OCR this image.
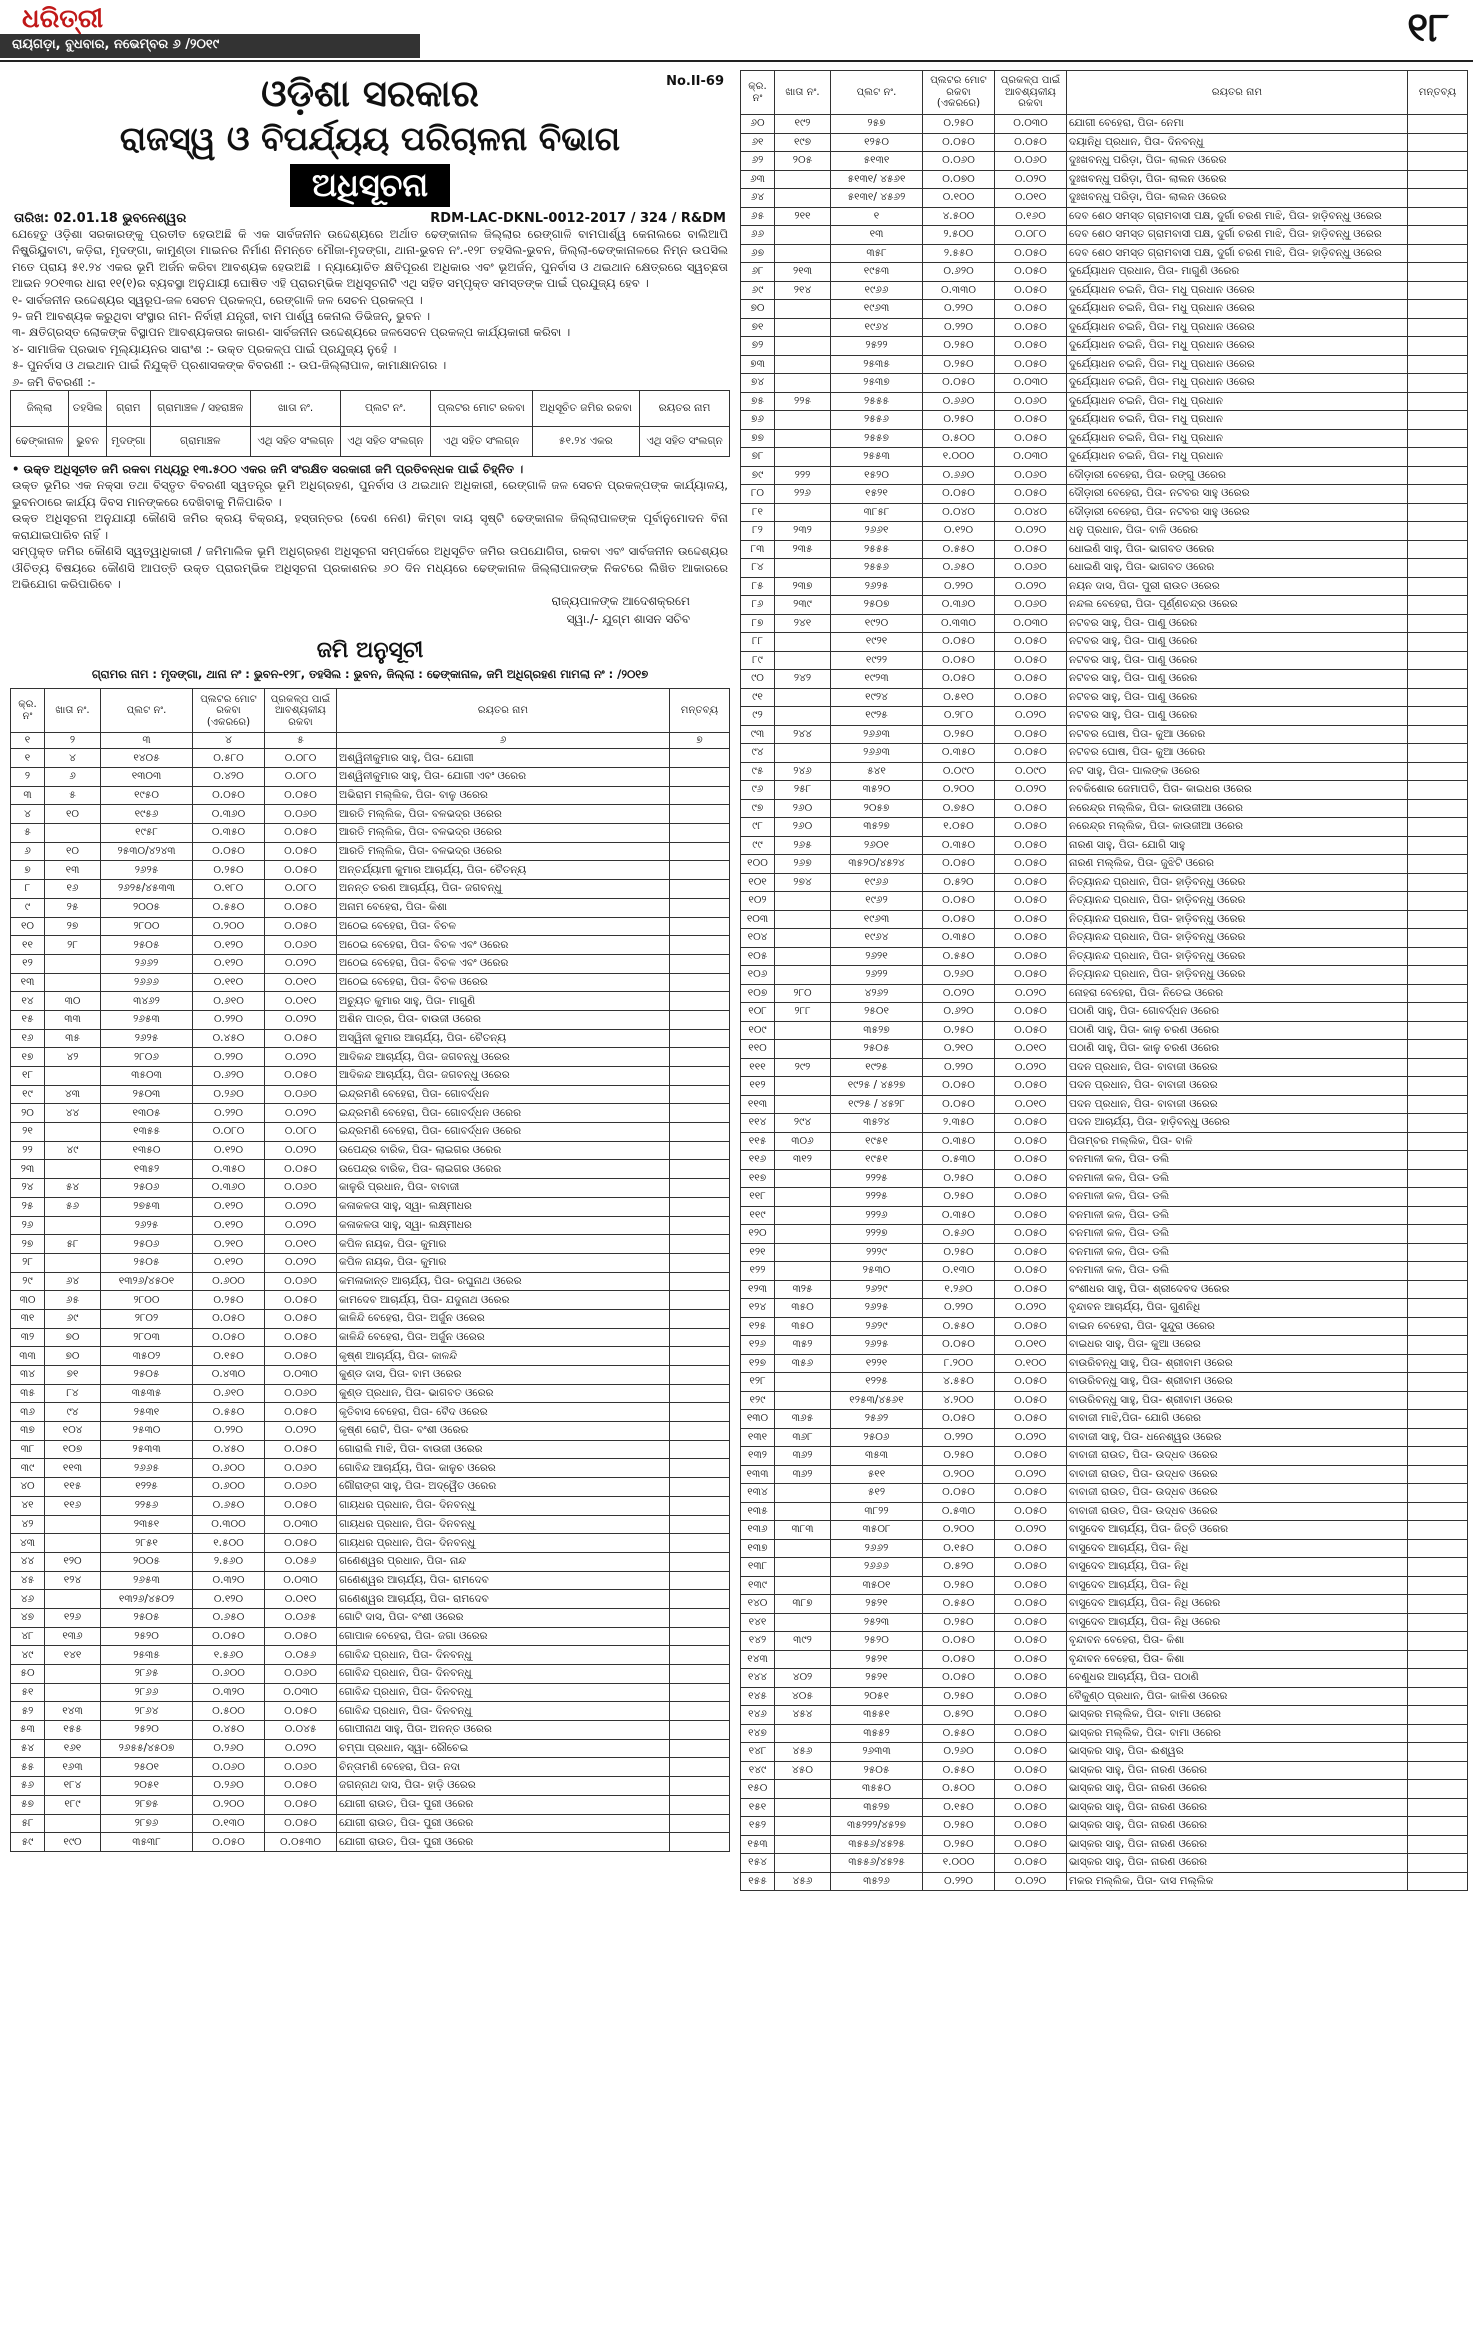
ଧରିତ୍ରୀ
ରାୟଗଡ଼ା, ବୁଧବାର, ନଭେମ୍ବର ୬ /୨୦୧୯	୧୮
No.II-69
ଓଡ଼ିଶା ସରକାର
ରାଜସ୍ୱ ଓ ବିପର୍ଯ୍ୟୟ ପରିଚାଳନା ବିଭାଗ
ଅଧିସୂଚନା
ତାରିଖ: 02.01.18 ଭୁବନେଶ୍ୱର	RDM-LAC-DKNL-0012-2017 / 324 / R&DM

ଯେହେତୁ ଓଡ଼ିଶା ସରକାରଙ୍କୁ ପ୍ରତୀତ ହେଉଅଛି କି ଏକ ସାର୍ବଜନୀନ ଉଦ୍ଦେଶ୍ୟରେ ଅର୍ଥାତ ଢେଙ୍କାନାଳ ଜିଲ୍ଲାର ରେଙ୍ଗାଳି ବାମପାର୍ଶ୍ୱ କେନାଲରେ ବାଲିଆପି ନିଷ୍କ୍ରିୟୁବାଟା, କଡ଼ିରା, ମୃଦଙ୍ଗା, କାମୁଣ୍ଡା ମାଇନର ନିର୍ମାଣ ନିମନ୍ତେ ମୌଜା-ମୃଦଙ୍ଗା, ଥାନା-ଭୁବନ ନଂ.-୧୨୮ ତହସିଲ-ଭୁବନ, ଜିଲ୍ଲା-ଢେଙ୍କାନାଳରେ ନିମ୍ନ ଉପସିଲ ମତେ ପ୍ରାୟ ୫୧.୨୪ ଏକର ଭୂମି ଅର୍ଜନ କରିବା ଆବଶ୍ୟକ ହେଉଅଛି । ନ୍ୟାୟୋଚିତ କ୍ଷତିପୂରଣ ଅଧିକାର ଏବଂ ଭୂଅର୍ଜନ, ପୁନର୍ବାସ ଓ ଥଇଥାନ କ୍ଷେତ୍ରରେ ସ୍ୱଚ୍ଛତା ଆଇନ ୨୦୧୩ର ଧାରା ୧୧(୧)ର ବ୍ୟବସ୍ଥା ଅନୁଯାୟୀ ଘୋଷିତ ଏହି ପ୍ରାରମ୍ଭିକ ଅଧିସୂଚନାଟି ଏଥି ସହିତ ସମ୍ପୃକ୍ତ ସମସ୍ତଙ୍କ ପାଇଁ ପ୍ରଯୁଜ୍ୟ ହେବ ।

୧- ସାର୍ବଜନୀନ ଉଦ୍ଦେଶ୍ୟର ସ୍ୱରୂପ-ଜଳ ସେଚନ ପ୍ରକଳ୍ପ, ରେଙ୍ଗାଳି ଜଳ ସେଚନ ପ୍ରକଳ୍ପ ।

୨- ଜମି ଆବଶ୍ୟକ କରୁଥିବା ସଂସ୍ଥାର ନାମ- ନିର୍ବାହୀ ଯନ୍ତ୍ରୀ, ବାମ ପାର୍ଶ୍ୱ କେନାଲ ଡିଭିଜନ୍, ଭୁବନ ।

୩- କ୍ଷତିଗ୍ରସ୍ତ ଲୋକଙ୍କ ବିସ୍ଥାପନ ଆବଶ୍ୟକତାର କାରଣ- ସାର୍ବଜନୀନ ଉଦ୍ଦେଶ୍ୟରେ ଜଳସେଚନ ପ୍ରକଳ୍ପ କାର୍ଯ୍ୟକାରୀ କରିବା ।

୪- ସାମାଜିକ ପ୍ରଭାବ ମୂଲ୍ୟାୟନର ସାରାଂଶ :- ଉକ୍ତ ପ୍ରକଳ୍ପ ପାଇଁ ପ୍ରଯୁଜ୍ୟ ନୁହେଁ ।

୫- ପୁନର୍ବାସ ଓ ଥଇଥାନ ପାଇଁ ନିଯୁକ୍ତି ପ୍ରଶାସକଙ୍କ ବିବରଣୀ :- ଉପ-ଜିଲ୍ଲାପାଳ, କାମାକ୍ଷାନଗର ।

୬- ଜମି ବିବରଣୀ :-

ଜିଲ୍ଲା	ତହସିଲ	ଗ୍ରାମ	ଗ୍ରାମାଞ୍ଚଳ / ସହରାଞ୍ଚଳ	ଖାତା ନଂ.	ପ୍ଲଟ ନଂ.	ପ୍ଲଟର ମୋଟ ରକବା	ଅଧିସୂଚିତ ଜମିର ରକବା	ରୟତର ନାମ
ଢେଙ୍କାନାଳ	ଭୁବନ	ମୃଦଙ୍ଗା	ଗ୍ରାମାଞ୍ଚଳ	ଏଥି ସହିତ ସଂଲଗ୍ନ	ଏଥି ସହିତ ସଂଲଗ୍ନ	ଏଥି ସହିତ ସଂଲଗ୍ନ	୫୧.୨୪ ଏକର	ଏଥି ସହିତ ସଂଲଗ୍ନ
• ଉକ୍ତ ଅଧିସୂଚୀତ ଜମି ରକବା ମଧ୍ୟରୁ ୧୩.୫୦୦ ଏକର ଜମି ସଂରକ୍ଷିତ ସରକାରୀ ଜମି ପ୍ରତିବନ୍ଧକ ପାଇଁ ଚିହ୍ନିତ ।

ଉକ୍ତ ଭୂମିର ଏକ ନକ୍ସା ତଥା ବିସ୍ତୃତ ବିବରଣୀ ସ୍ୱତନ୍ତ୍ର ଭୂମି ଅଧିଗ୍ରହଣ, ପୁନର୍ବାସ ଓ ଥଇଥାନ ଅଧିକାରୀ, ରେଙ୍ଗାଳି ଜଳ ସେଚନ ପ୍ରକଳ୍ପଙ୍କ କାର୍ଯ୍ୟାଳୟ, ଭୁବନଠାରେ କାର୍ଯ୍ୟ ଦିବସ ମାନଙ୍କରେ ଦେଖିବାକୁ ମିଳିପାରିବ ।

ଉକ୍ତ ଅଧିସୂଚନା ଅନୁଯାୟୀ କୌଣସି ଜମିର କ୍ରୟ ବିକ୍ରୟ, ହସ୍ତାନ୍ତର (ଦେଣ ନେଣ) କିମ୍ବା ଦାୟ ସୃଷ୍ଟି ଢେଙ୍କାନାଳ ଜିଲ୍ଲାପାଳଙ୍କ ପୂର୍ବାନୁମୋଦନ ବିନା କରାଯାଇପାରିବ ନାହିଁ ।

ସମ୍ପୃକ୍ତ ଜମିର କୌଣସି ସ୍ୱତ୍ୱାଧିକାରୀ / ଜମିମାଲିକ ଭୂମି ଅଧିଗ୍ରହଣ ଅଧିସୂଚନା ସମ୍ପର୍କରେ ଅଧିସୂଚିତ ଜମିର ଉପଯୋଗିତା, ରକବା ଏବଂ ସାର୍ବଜନୀନ ଉଦ୍ଦେଶ୍ୟର ଔଚିତ୍ୟ ବିଷୟରେ କୌଣସି ଆପତ୍ତି ଉକ୍ତ ପ୍ରାରମ୍ଭିକ ଅଧିସୂଚନା ପ୍ରକାଶନର ୬୦ ଦିନ ମଧ୍ୟରେ ଢେଙ୍କାନାଳ ଜିଲ୍ଲାପାଳଙ୍କ ନିକଟରେ ଲିଖିତ ଆକାରରେ ଅଭିଯୋଗ କରିପାରିବେ ।

ରାଜ୍ୟପାଳଙ୍କ ଆଦେଶକ୍ରମେ
ସ୍ୱା./- ଯୁଗ୍ମ ଶାସନ ସଚିବ
ଜମି ଅନୁସୂଚୀ
ଗ୍ରାମର ନାମ : ମୃଦଙ୍ଗା, ଥାନା ନଂ : ଭୁବନ-୧୨୮, ତହସିଲ : ଭୁବନ, ଜିଲ୍ଲା : ଢେଙ୍କାନାଳ, ଜମି ଅଧିଗ୍ରହଣ ମାମଲା ନଂ : /୨୦୧୭
କ୍ର. ନଂ	ଖାତା ନଂ.	ପ୍ଲଟ ନଂ.	ପ୍ଲଟର ମୋଟ ରକବା (ଏକରରେ)	ପ୍ରକଳ୍ପ ପାଇଁ ଆବଶ୍ୟକୀୟ ରକବା	ରୟତର ନାମ	ମନ୍ତବ୍ୟ
୧	୨	୩	୪	୫	୬	୭
୧	୪	୧୪୦୫	୦.୫୮୦	୦.୦୮୦	ଅଶ୍ୱିନୀକୁମାର ସାହୁ, ପିତା- ଯୋଗୀ	
୨	୬	୧୩୦୩	୦.୪୨୦	୦.୦୮୦	ଅଶ୍ୱିନୀକୁମାର ସାହୁ, ପିତା- ଯୋଗୀ ଏବଂ ଓରେର	
୩	୫	୧୯୫୦	୦.୦୫୦	୦.୦୫୦	ଅଭିରାମ ମଲ୍ଲିକ, ପିତା- ବାଳୁ ଓରେର	
୪	୧୦	୧୯୫୬	୦.୩୬୦	୦.୦୬୦	ଆରତି ମଲ୍ଲିକ, ପିତା- ବଳଭଦ୍ର ଓରେର	
୫		୧୯୫୮	୦.୩୫୦	୦.୦୫୦	ଆରତି ମଲ୍ଲିକ, ପିତା- ବଳଭଦ୍ର ଓରେର	
୬	୧୦	୨୫୩୦/୪୨୪୩	୦.୦୫୦	୦.୦୫୦	ଆରତି ମଲ୍ଲିକ, ପିତା- ବଳଭଦ୍ର ଓରେର	
୭	୧୩	୨୬୨୫	୦.୨୫୦	୦.୦୫୦	ଅନ୍ତର୍ଯ୍ୟାମୀ କୁମାର ଆଚାର୍ଯ୍ୟ, ପିତା- ଚୈତନ୍ୟ	
୮	୧୬	୨୬୨୫/୪୫୩୩	୦.୧୮୦	୦.୦୮୦	ଅନନ୍ତ ଚରଣ ଆଚାର୍ଯ୍ୟ, ପିତା- ଜଗବନ୍ଧୁ	
୯	୨୫	୨୦୦୫	୦.୫୫୦	୦.୦୫୦	ଅନାମ ବେହେରା, ପିତା- କିଶା	
୧୦	୨୭	୨୮୦୦	୦.୨୦୦	୦.୦୫୦	ଅଠେଇ ବେହେରା, ପିତା- ବିଚଳ	
୧୧	୨୮	୨୫୦୫	୦.୧୨୦	୦.୦୬୦	ଅଠେଇ ବେହେରା, ପିତା- ବିଚଳ ଏବଂ ଓରେର	
୧୨		୨୬୬୨	୦.୧୨୦	୦.୦୨୦	ଅଠେଇ ବେହେରା, ପିତା- ବିଚଳ ଏବଂ ଓରେର	
୧୩		୨୬୬୬	୦.୧୧୦	୦.୦୧୦	ଅଠେଇ ବେହେରା, ପିତା- ବିଚଳ ଓରେର	
୧୪	୩୦	୩୪୬୨	୦.୬୧୦	୦.୦୧୦	ଅଚ୍ୟୁତ କୁମାର ସାହୁ, ପିତା- ମାଗୁଣି	
୧୫	୩୩	୨୬୫୩	୦.୨୨୦	୦.୦୨୦	ଅଶିନ ପାତ୍ର, ପିତା- ବାଉଜୀ ଓରେର	
୧୬	୩୫	୨୬୨୫	୦.୪୫୦	୦.୦୫୦	ଅସ୍ୱିନୀ କୁମାର ଆଚାର୍ଯ୍ୟ, ପିତା- ଚୈତନ୍ୟ	
୧୭	୪୨	୨୮୦୬	୦.୨୨୦	୦.୦୨୦	ଆଦିକନ୍ଦ ଆଚାର୍ଯ୍ୟ, ପିତା- ଜଗବନ୍ଧୁ ଓରେର	
୧୮		୩୫୦୩	୦.୬୨୦	୦.୦୫୦	ଆଦିକନ୍ଦ ଆଚାର୍ଯ୍ୟ, ପିତା- ଜଗବନ୍ଧୁ ଓରେର	
୧୯	୪୩	୨୫୦୩	୦.୨୬୦	୦.୦୬୦	ଇନ୍ଦ୍ରମଣି ବେହେରା, ପିତା- ଗୋବର୍ଦ୍ଧନ	
୨୦	୪୪	୧୩୦୫	୦.୨୨୦	୦.୦୨୦	ଇନ୍ଦ୍ରମଣି ବେହେରା, ପିତା- ଗୋବର୍ଦ୍ଧନ ଓରେର	
୨୧		୧୩୫୫	୦.୦୮୦	୦.୦୮୦	ଇନ୍ଦ୍ରମଣି ବେହେରା, ପିତା- ଗୋବର୍ଦ୍ଧନ ଓରେର	
୨୨	୪୯	୧୩୫୦	୦.୧୨୦	୦.୦୨୦	ଉପେନ୍ଦ୍ର ବାରିକ, ପିତା- ଲାଇଗର ଓରେର	
୨୩		୧୩୫୨	୦.୩୫୦	୦.୦୫୦	ଉପେନ୍ଦ୍ର ବାରିକ, ପିତା- ଲାଇଗର ଓରେର	
୨୪	୫୪	୨୫୦୬	୦.୩୬୦	୦.୦୬୦	କାଳୁରି ପ୍ରଧାନ, ପିତା- ବାବାଜୀ	
୨୫	୫୬	୨୭୫୩	୦.୧୨୦	୦.୦୨୦	କଳାକଳତା ସାହୁ, ସ୍ୱା- ଲକ୍ଷ୍ମୀଧର	
୨୬		୨୬୨୫	୦.୧୨୦	୦.୦୨୦	କଳାକଳତା ସାହୁ, ସ୍ୱା- ଲକ୍ଷ୍ମୀଧର	
୨୭	୫୮	୨୫୦୬	୦.୨୧୦	୦.୦୧୦	କପିଳ ନାୟକ, ପିତା- କୁମାର	
୨୮		୨୫୦୫	୦.୧୨୦	୦.୦୨୦	କପିଳ ନାୟକ, ପିତା- କୁମାର	
୨୯	୬୪	୧୩୨୬/୪୫୦୧	୦.୬୦୦	୦.୦୬୦	କମଳାକାନ୍ତ ଆଚାର୍ଯ୍ୟ, ପିତା- ରଘୁନାଥ ଓରେର	
୩୦	୬୫	୨୮୦୦	୦.୨୫୦	୦.୦୫୦	କାମଦେବ ଆଚାର୍ଯ୍ୟ, ପିତା- ଯଦୁନାଥ ଓରେର	
୩୧	୬୯	୨୮୦୨	୦.୦୫୦	୦.୦୫୦	କାଳିନ୍ଦି ବେହେରା, ପିତା- ଅର୍ଜୁନ ଓରେର	
୩୨	୭୦	୨୮୦୩	୦.୦୫୦	୦.୦୫୦	କାଳିନ୍ଦି ବେହେରା, ପିତା- ଅର୍ଜୁନ ଓରେର	
୩୩	୭୦	୩୫୦୨	୦.୧୫୦	୦.୦୫୦	କୃଷ୍ଣ ଆଚାର୍ଯ୍ୟ, ପିତା- କାଳନ୍ଦି	
୩୪	୭୧	୨୫୦୫	୦.୪୩୦	୦.୦୩୦	କୁଣ୍ଡ ଦାସ, ପିତା- ବାମ ଓରେର	
୩୫	୮୪	୩୫୩୫	୦.୬୧୦	୦.୦୬୦	କୁଣ୍ଡ ପ୍ରଧାନ, ପିତା- ଭାଗବତ ଓରେର	
୩୬	୯୪	୨୫୩୧	୦.୫୫୦	୦.୦୫୦	କୃତିବାସ ବେହେରା, ପିତା- ବୈଦ ଓରେର	
୩୭	୧୦୪	୨୫୩୦	୦.୨୨୦	୦.୦୨୦	କୃଷ୍ଣ ରୋଟି, ପିତା- ବଂଶୀ ଓରେର	
୩୮	୧୦୭	୨୫୩୩	୦.୪୫୦	୦.୦୫୦	ଗୋରାଲି ମାଝି, ପିତା- ବାଉଜୀ ଓରେର	
୩୯	୧୧୩	୨୬୬୫	୦.୬୦୦	୦.୦୬୦	ଗୋବିନ୍ଦ ଆଚାର୍ଯ୍ୟ, ପିତା- କାଳୁଚ ଓରେର	
୪୦	୧୧୫	୧୨୨୫	୦.୬୦୦	୦.୦୬୦	ଗୌରାଙ୍ଗ ସାହୁ, ପିତା- ଅଦ୍ୱୈତ ଓରେର	
୪୧	୧୧୬	୨୨୫୬	୦.୬୫୦	୦.୦୫୦	ଗାୟଧର ପ୍ରଧାନ, ପିତା- ଦିନବନ୍ଧୁ	
୪୨		୨୩୫୧	୦.୩୦୦	୦.୦୩୦	ଗାୟଧର ପ୍ରଧାନ, ପିତା- ଦିନବନ୍ଧୁ	
୪୩		୨୮୫୧	୧.୫୦୦	୦.୦୫୦	ଗାୟଧର ପ୍ରଧାନ, ପିତା- ଦିନବନ୍ଧୁ	
୪୪	୧୨୦	୨୦୦୫	୨.୫୬୦	୦.୦୫୬	ଗଣେଶ୍ୱର ପ୍ରଧାନ, ପିତା- ନାନ୍ଦ	
୪୫	୧୨୪	୨୬୫୩	୦.୩୨୦	୦.୦୩୦	ଗଣେଶ୍ୱର ଆଚାର୍ଯ୍ୟ, ପିତା- ରାମଦେବ	
୪୬		୧୩୨୬/୪୫୦୨	୦.୧୨୦	୦.୦୧୦	ଗଣେଶ୍ୱର ଆଚାର୍ଯ୍ୟ, ପିତା- ରାମଦେବ	
୪୭	୧୨୬	୨୫୦୫	୦.୬୫୦	୦.୦୬୫	ଗୋଟି ଦାସ, ପିତା- ବଂଶୀ ଓରେର	
୪୮	୧୩୬	୨୫୨୦	୦.୦୫୦	୦.୦୫୦	ଗୋପାଳ ବେହେରା, ପିତା- ଜଗା ଓରେର	
୪୯	୧୪୧	୨୫୩୫	୧.୫୬୦	୦.୦୫୬	ଗୋବିନ୍ଦ ପ୍ରଧାନ, ପିତା- ଦିନବନ୍ଧୁ	
୫୦		୨୮୬୫	୦.୬୦୦	୦.୦୬୦	ଗୋବିନ୍ଦ ପ୍ରଧାନ, ପିତା- ଦିନବନ୍ଧୁ	
୫୧		୨୮୬୬	୦.୩୨୦	୦.୦୩୦	ଗୋବିନ୍ଦ ପ୍ରଧାନ, ପିତା- ଦିନବନ୍ଧୁ	
୫୨	୧୪୩	୨୮୬୪	୦.୫୦୦	୦.୦୫୦	ଗୋବିନ୍ଦ ପ୍ରଧାନ, ପିତା- ଦିନବନ୍ଧୁ	
୫୩	୧୫୫	୨୫୨୦	୦.୪୫୦	୦.୦୪୫	ଗୋପୀନାଥ ସାହୁ, ପିତା- ଅନନ୍ତ ଓରେର	
୫୪	୧୬୧	୨୬୫୫/୪୫୦୭	୦.୨୬୦	୦.୦୨୦	ଚମ୍ପା ପ୍ରଧାନ, ସ୍ୱା- ରୌଚେଇ	
୫୫	୧୬୩	୨୫୦୧	୦.୦୬୦	୦.୦୬୦	ଚିନ୍ତାମଣି ବେହେରା, ପିତା- ନଦା	
୫୬	୧୮୪	୨୦୫୧	୦.୨୬୦	୦.୦୫୦	ଜଗନ୍ନାଥ ଦାସ, ପିତା- ହାଡ଼ି ଓରେର	
୫୭	୧୮୯	୨୮୭୫	୦.୨୦୦	୦.୦୫୦	ଯୋଗୀ ରାଉତ, ପିତା- ପୁରୀ ଓରେର	
୫୮		୨୮୭୬	୦.୧୩୦	୦.୦୫୦	ଯୋଗୀ ରାଉତ, ପିତା- ପୁରୀ ଓରେର	
୫୯	୧୯୦	୩୫୩୮	୦.୦୫୦	୦.୦୫୩୦	ଯୋଗୀ ରାଉତ, ପିତା- ପୁରୀ ଓରେର	
କ୍ର. ନଂ	ଖାତା ନଂ.	ପ୍ଲଟ ନଂ.	ପ୍ଲଟର ମୋଟ ରକବା (ଏକରରେ)	ପ୍ରକଳ୍ପ ପାଇଁ ଆବଶ୍ୟକୀୟ ରକବା	ରୟତର ନାମ	ମନ୍ତବ୍ୟ
୬୦	୧୯୨	୨୫୭	୦.୨୫୦	୦.୦୩୦	ଯୋଗୀ ବେହେରା, ପିତା- ନେମା	
୬୧	୧୯୭	୧୨୫୦	୦.୦୫୦	୦.୦୫୦	ଦୟାନିଧି ପ୍ରଧାନ, ପିତା- ଦିନବନ୍ଧୁ	
୬୨	୨୦୫	୫୧୩୧	୦.୦୬୦	୦.୦୬୦	ଦୁଃଖବନ୍ଧୁ ପରିଡ଼ା, ପିତା- ଲାଲନ ଓରେର	
୬୩		୫୧୩୧/ ୪୫୬୧	୦.୦୭୦	୦.୦୨୦	ଦୁଃଖବନ୍ଧୁ ପରିଡ଼ା, ପିତା- ଲାଲନ ଓରେର	
୬୪		୫୧୩୧/ ୪୫୬୨	୦.୧୦୦	୦.୦୧୦	ଦୁଃଖବନ୍ଧୁ ପରିଡ଼ା, ପିତା- ଲାଲନ ଓରେର	
୬୫	୨୧୧	୧	୪.୫୦୦	୦.୧୬୦	ଦେବ ଶେଠ ସମସ୍ତ ଗ୍ରାମବାସୀ ପକ୍ଷ, ଦୁର୍ଗା ଚରଣ ମାଝି, ପିତା- ହାଡ଼ିବନ୍ଧୁ ଓରେର	
୬୬		୧୩	୨.୫୦୦	୦.୦୮୦	ଦେବ ଶେଠ ସମସ୍ତ ଗ୍ରାମବାସୀ ପକ୍ଷ, ଦୁର୍ଗା ଚରଣ ମାଝି, ପିତା- ହାଡ଼ିବନ୍ଧୁ ଓରେର	
୬୭		୩୫୮	୨.୫୫୦	୦.୦୫୦	ଦେବ ଶେଠ ସମସ୍ତ ଗ୍ରାମବାସୀ ପକ୍ଷ, ଦୁର୍ଗା ଚରଣ ମାଝି, ପିତା- ହାଡ଼ିବନ୍ଧୁ ଓରେର	
୬୮	୨୧୩	୧୯୫୩	୦.୬୨୦	୦.୦୫୦	ଦୁର୍ଯ୍ୟୋଧନ ପ୍ରଧାନ, ପିତା- ମାଗୁଣି ଓରେର	
୬୯	୨୧୪	୧୯୬୬	୦.୩୩୦	୦.୦୫୦	ଦୁର୍ଯ୍ୟୋଧନ ଚଇନି, ପିତା- ମଧୁ ପ୍ରଧାନ ଓରେର	
୭୦		୧୯୬୩	୦.୨୨୦	୦.୦୫୦	ଦୁର୍ଯ୍ୟୋଧନ ଚଇନି, ପିତା- ମଧୁ ପ୍ରଧାନ ଓରେର	
୭୧		୧୯୬୪	୦.୨୨୦	୦.୦୫୦	ଦୁର୍ଯ୍ୟୋଧନ ଚଇନି, ପିତା- ମଧୁ ପ୍ରଧାନ ଓରେର	
୭୨		୨୫୨୨	୦.୨୫୦	୦.୦୫୦	ଦୁର୍ଯ୍ୟୋଧନ ଚଇନି, ପିତା- ମଧୁ ପ୍ରଧାନ ଓରେର	
୭୩		୨୫୩୫	୦.୨୫୦	୦.୦୫୦	ଦୁର୍ଯ୍ୟୋଧନ ଚଇନି, ପିତା- ମଧୁ ପ୍ରଧାନ ଓରେର	
୭୪		୨୫୩୭	୦.୦୫୦	୦.୦୩୦	ଦୁର୍ଯ୍ୟୋଧନ ଚଇନି, ପିତା- ମଧୁ ପ୍ରଧାନ ଓରେର	
୭୫	୨୨୫	୨୫୫୫	୦.୬୬୦	୦.୦୬୦	ଦୁର୍ଯ୍ୟୋଧନ ଚଇନି, ପିତା- ମଧୁ ପ୍ରଧାନ	
୭୬		୨୫୫୬	୦.୨୫୦	୦.୦୫୦	ଦୁର୍ଯ୍ୟୋଧନ ଚଇନି, ପିତା- ମଧୁ ପ୍ରଧାନ	
୭୭		୨୫୫୭	୦.୫୦୦	୦.୦୫୦	ଦୁର୍ଯ୍ୟୋଧନ ଚଇନି, ପିତା- ମଧୁ ପ୍ରଧାନ	
୭୮		୨୫୫୩	୧.୦୦୦	୦.୦୩୦	ଦୁର୍ଯ୍ୟୋଧନ ଚଇନି, ପିତା- ମଧୁ ପ୍ରଧାନ	
୭୯	୨୨୨	୧୫୨୦	୦.୬୬୦	୦.୦୬୦	ଦୌଡ଼ାରୀ ବେହେରା, ପିତା- ରଙ୍ଗୁ ଓରେର	
୮୦	୨୨୬	୧୫୨୧	୦.୦୫୦	୦.୦୫୦	ଦୌଡ଼ାରୀ ବେହେରା, ପିତା- ନଟବର ସାହୁ ଓରେର	
୮୧		୩୮୫୮	୦.୦୪୦	୦.୦୪୦	ଦୌଡ଼ାରୀ ବେହେରା, ପିତା- ନଟବର ସାହୁ ଓରେର	
୮୨	୨୩୨	୨୬୬୧	୦.୧୨୦	୦.୦୨୦	ଧନୁ ପ୍ରଧାନ, ପିତା- ବାଳି ଓରେର	
୮୩	୨୩୫	୨୫୫୫	୦.୫୫୦	୦.୦୫୦	ଧୋଇଣି ସାହୁ, ପିତା- ଭାଗବତ ଓରେର	
୮୪		୨୫୫୬	୦.୬୫୦	୦.୦୬୦	ଧୋଇଣି ସାହୁ, ପିତା- ଭାଗବତ ଓରେର	
୮୫	୨୩୭	୨୬୨୫	୦.୨୨୦	୦.୦୨୦	ନୟନ ଦାସ, ପିତା- ପୁରୀ ରାଉତ ଓରେର	
୮୬	୨୩୯	୨୫୦୭	୦.୩୬୦	୦.୦୬୦	ନନ୍ଦଲ ବେହେରା, ପିତା- ପୂର୍ଣ୍ଣଚନ୍ଦ୍ର ଓରେର	
୮୭	୨୪୧	୧୯୨୦	୦.୩୩୦	୦.୦୩୦	ନଟବର ସାହୁ, ପିତା- ପାଣୁ ଓରେର	
୮୮		୧୯୨୧	୦.୦୫୦	୦.୦୫୦	ନଟବର ସାହୁ, ପିତା- ପାଣୁ ଓରେର	
୮୯		୧୯୨୨	୦.୦୫୦	୦.୦୫୦	ନଟବର ସାହୁ, ପିତା- ପାଣୁ ଓରେର	
୯୦	୨୪୨	୧୯୨୩	୦.୦୫୦	୦.୦୫୦	ନଟବର ସାହୁ, ପିତା- ପାଣୁ ଓରେର	
୯୧		୧୯୨୪	୦.୫୧୦	୦.୦୫୦	ନଟବର ସାହୁ, ପିତା- ପାଣୁ ଓରେର	
୯୨		୧୯୨୫	୦.୨୮୦	୦.୦୨୦	ନଟବର ସାହୁ, ପିତା- ପାଣୁ ଓରେର	
୯୩	୨୪୪	୨୬୬୩	୦.୨୫୦	୦.୦୫୦	ନଟବର ଘୋଷ, ପିତା- କୁଆ ଓରେର	
୯୪		୨୬୬୩	୦.୩୫୦	୦.୦୫୦	ନଟବର ଘୋଷ, ପିତା- କୁଆ ଓରେର	
୯୫	୨୪୬	୫୪୧	୦.୦୯୦	୦.୦୯୦	ନଟ ସାହୁ, ପିତା- ପାଲଙ୍କ ଓରେର	
୯୬	୨୫୮	୩୫୨୦	୦.୨୦୦	୦.୦୨୦	ନବକିଶୋର ଜେମାପତି, ପିତା- କାଇଧର ଓରେର	
୯୭	୨୬୦	୨୦୫୭	୦.୭୫୦	୦.୦୫୦	ନରେନ୍ଦ୍ର ମଲ୍ଲିକ, ପିତା- କାଉଜୀଆ ଓରେର	
୯୮	୨୬୦	୩୫୨୭	୧.୦୫୦	୦.୦୫୦	ନରେନ୍ଦ୍ର ମଲ୍ଲିକ, ପିତା- କାଉଜୀଆ ଓରେର	
୯୯	୨୬୫	୨୬୦୧	୦.୩୫୦	୦.୦୫୦	ନାରଣ ସାହୁ, ପିତା- ଯୋଗି ସାହୁ	
୧୦୦	୨୬୭	୩୫୨୦/୪୫୨୪	୦.୦୫୦	୦.୦୫୦	ନାରଣ ମଲ୍ଲିକ, ପିତା- ଜୁଝିଟି ଓରେର	
୧୦୧	୨୭୪	୧୯୬୬	୦.୫୨୦	୦.୦୫୦	ନିତ୍ୟାନନ୍ଦ ପ୍ରଧାନ, ପିତା- ହାଡ଼ିବନ୍ଧୁ ଓରେର	
୧୦୨		୧୯୬୨	୦.୦୫୦	୦.୦୫୦	ନିତ୍ୟାନନ୍ଦ ପ୍ରଧାନ, ପିତା- ହାଡ଼ିବନ୍ଧୁ ଓରେର	
୧୦୩		୧୯୬୩	୦.୦୫୦	୦.୦୫୦	ନିତ୍ୟାନନ୍ଦ ପ୍ରଧାନ, ପିତା- ହାଡ଼ିବନ୍ଧୁ ଓରେର	
୧୦୪		୧୯୬୪	୦.୩୫୦	୦.୦୫୦	ନିତ୍ୟାନନ୍ଦ ପ୍ରଧାନ, ପିତା- ହାଡ଼ିବନ୍ଧୁ ଓରେର	
୧୦୫		୨୬୨୧	୦.୫୫୦	୦.୦୫୦	ନିତ୍ୟାନନ୍ଦ ପ୍ରଧାନ, ପିତା- ହାଡ଼ିବନ୍ଧୁ ଓରେର	
୧୦୬		୨୬୨୨	୦.୨୬୦	୦.୦୫୦	ନିତ୍ୟାନନ୍ଦ ପ୍ରଧାନ, ପିତା- ହାଡ଼ିବନ୍ଧୁ ଓରେର	
୧୦୭	୨୮୦	୪୨୬୨	୦.୦୨୦	୦.୦୨୦	ନୋହରା ବେହେରା, ପିତା- ନିତେଇ ଓରେର	
୧୦୮	୨୮୮	୨୫୦୧	୦.୬୨୦	୦.୦୫୦	ପଠାଣି ସାହୁ, ପିତା- ଗୋବର୍ଦ୍ଧନ ଓରେର	
୧୦୯		୩୫୨୭	୦.୨୫୦	୦.୦୫୦	ପଠାଣି ସାହୁ, ପିତା- କାଳୁ ଚରଣ ଓରେର	
୧୧୦		୨୫୦୫	୦.୨୧୦	୦.୦୧୦	ପଠାଣି ସାହୁ, ପିତା- କାଳୁ ଚରଣ ଓରେର	
୧୧୧	୨୯୨	୧୯୨୫	୦.୨୨୦	୦.୦୨୦	ପଦନ ପ୍ରଧାନ, ପିତା- ବାବାଜୀ ଓରେର	
୧୧୨		୧୯୨୫ / ୪୫୨୭	୦.୦୫୦	୦.୦୫୦	ପଦନ ପ୍ରଧାନ, ପିତା- ବାବାଜୀ ଓରେର	
୧୧୩		୧୯୨୫ / ୪୫୨୮	୦.୦୫୦	୦.୦୧୦	ପଦନ ପ୍ରଧାନ, ପିତା- ବାବାଜୀ ଓରେର	
୧୧୪	୨୯୪	୩୫୨୪	୨.୩୫୦	୦.୦୫୦	ପଦନ ଆଚାର୍ଯ୍ୟ, ପିତା- ହାଡ଼ିବନ୍ଧୁ ଓରେର	
୧୧୫	୩୦୬	୧୯୫୧	୦.୩୫୦	୦.୦୫୦	ପିତାମ୍ବର ମଲ୍ଲିକ, ପିତା- ବାଳି	
୧୧୬	୩୧୨	୧୯୫୧	୦.୫୩୦	୦.୦୫୦	ବନମାଳୀ କଳ, ପିତା- ଡଲି	
୧୧୭		୨୨୨୫	୦.୨୫୦	୦.୦୫୦	ବନମାଳୀ କଳ, ପିତା- ଡଲି	
୧୧୮		୨୨୨୫	୦.୨୫୦	୦.୦୫୦	ବନମାଳୀ କଳ, ପିତା- ଡଲି	
୧୧୯		୨୨୨୬	୦.୩୫୦	୦.୦୫୦	ବନମାଳୀ କଳ, ପିତା- ଡଲି	
୧୨୦		୨୨୨୭	୦.୫୬୦	୦.୦୫୦	ବନମାଳୀ କଳ, ପିତା- ଡଲି	
୧୨୧		୨୨୨୯	୦.୨୫୦	୦.୦୫୦	ବନମାଳୀ କଳ, ପିତା- ଡଲି	
୧୨୨		୨୫୩୦	୦.୧୩୦	୦.୦୫୦	ବନମାଳୀ କଳ, ପିତା- ଡଲି	
୧୨୩	୩୨୫	୨୬୨୯	୧.୨୬୦	୦.୦୫୦	ବଂଶୀଧର ସାହୁ, ପିତା- ଶ୍ରୀଦେବଦ ଓରେର	
୧୨୪	୩୫୦	୨୬୨୫	୦.୨୨୦	୦.୦୨୦	ବୃନ୍ଦାବନ ଆଚାର୍ଯ୍ୟ, ପିତା- ଗୁଣନିଧି	
୧୨୫	୩୫୦	୨୬୨୯	୦.୫୫୦	୦.୦୫୦	ବାଇନ ବେହେରା, ପିତା- ସୁନ୍ଦୁରା ଓରେର	
୧୨୬	୩୫୨	୨୬୨୫	୦.୦୫୦	୦.୦୧୦	ବାଇଧର ସାହୁ, ପିତା- କୁଆ ଓରେର	
୧୨୭	୩୫୬	୧୨୨୧	୮.୨୦୦	୦.୧୦୦	ବାଉରିବନ୍ଧୁ ସାହୁ, ପିତା- ଶ୍ରୀବାମ ଓରେର	
୧୨୮		୧୨୨୫	୪.୫୫୦	୦.୦୫୦	ବାଉରିବନ୍ଧୁ ସାହୁ, ପିତା- ଶ୍ରୀବାମ ଓରେର	
୧୨୯		୧୨୫୩/୪୫୬୧	୪.୨୦୦	୦.୦୫୦	ବାଉରିବନ୍ଧୁ ସାହୁ, ପିତା- ଶ୍ରୀବାମ ଓରେର	
୧୩୦	୩୬୫	୨୫୬୨	୦.୦୫୦	୦.୦୫୦	ବାବାଜୀ ମାଝି,ପିତା- ଯୋଗି ଓରେର	
୧୩୧	୩୬୮	୨୫୦୬	୦.୨୨୦	୦.୦୨୦	ବାବାଜୀ ସାହୁ, ପିତା- ଧନେଶ୍ୱର ଓରେର	
୧୩୨	୩୬୨	୩୫୩	୦.୨୫୦	୦.୦୫୦	ବାବାଜୀ ରାଉତ, ପିତା- ଉଦ୍ଧବ ଓରେର	
୧୩୩	୩୬୨	୫୧୧	୦.୨୦୦	୦.୦୨୦	ବାବାଜୀ ରାଉତ, ପିତା- ଉଦ୍ଧବ ଓରେର	
୧୩୪		୫୧୨	୦.୦୫୦	୦.୦୫୦	ବାବାଜୀ ରାଉତ, ପିତା- ଉଦ୍ଧବ ଓରେର	
୧୩୫		୩୮୨୨	୦.୫୩୦	୦.୦୫୦	ବାବାଜୀ ରାଉତ, ପିତା- ଉଦ୍ଧବ ଓରେର	
୧୩୬	୩୮୩	୩୫୦୮	୦.୨୦୦	୦.୦୨୦	ବାସୁଦେବ ଆଚାର୍ଯ୍ୟ, ପିତା- ଜିତ୍ତି ଓରେର	
୧୩୭		୨୬୬୨	୦.୧୫୦	୦.୦୫୦	ବାସୁଦେବ ଆଚାର୍ଯ୍ୟ, ପିତା- ନିଧି	
୧୩୮		୨୬୬୬	୦.୫୨୦	୦.୦୫୦	ବାସୁଦେବ ଆଚାର୍ଯ୍ୟ, ପିତା- ନିଧି	
୧୩୯		୩୫୦୧	୦.୨୫୦	୦.୦୫୦	ବାସୁଦେବ ଆଚାର୍ଯ୍ୟ, ପିତା- ନିଧି	
୧୪୦	୩୮୭	୨୫୨୧	୦.୫୫୦	୦.୦୫୦	ବାସୁଦେବ ଆଚାର୍ଯ୍ୟ, ପିତା- ନିଧି ଓରେର	
୧୪୧		୨୫୨୩	୦.୨୫୦	୦.୦୫୦	ବାସୁଦେବ ଆଚାର୍ଯ୍ୟ, ପିତା- ନିଧି ଓରେର	
୧୪୨	୩୯୨	୨୫୨୦	୦.୦୫୦	୦.୦୫୦	ବୃନ୍ଦାବନ ବେହେରା, ପିତା- କିଶା	
୧୪୩		୨୫୨୧	୦.୦୫୦	୦.୦୫୦	ବୃନ୍ଦାବନ ବେହେରା, ପିତା- କିଶା	
୧୪୪	୪୦୨	୨୫୨୧	୦.୦୫୦	୦.୦୫୦	ବେଣୁଧର ଆଚାର୍ଯ୍ୟ, ପିତା- ପଠାଣି	
୧୪୫	୪୦୫	୨୦୫୧	୦.୨୫୦	୦.୦୫୦	ବୈକୁଣ୍ଠ ପ୍ରଧାନ, ପିତା- କାଳିଶ ଓରେର	
୧୪୬	୪୫୪	୩୫୫୧	୦.୫୨୦	୦.୦୫୦	ଭାସ୍କର ମଲ୍ଲିକ, ପିତା- ବାମା ଓରେର	
୧୪୭		୩୫୫୨	୦.୫୫୦	୦.୦୫୦	ଭାସ୍କର ମଲ୍ଲିକ, ପିତା- ବାମା ଓରେର	
୧୪୮	୪୫୬	୨୬୩୩	୦.୨୬୦	୦.୦୫୦	ଭାସ୍କର ସାହୁ, ପିତା- ଈଶ୍ୱର	
୧୪୯	୪୫୦	୨୫୦୫	୦.୫୫୦	୦.୦୫୦	ଭାସ୍କର ସାହୁ, ପିତା- ନାରଣ ଓରେର	
୧୫୦		୩୫୫୦	୦.୫୦୦	୦.୦୫୦	ଭାସ୍କର ସାହୁ, ପିତା- ନାରଣ ଓରେର	
୧୫୧		୩୫୨୭	୦.୧୫୦	୦.୦୫୦	ଭାସ୍କର ସାହୁ, ପିତା- ନାରଣ ଓରେର	
୧୫୨		୩୫୨୨୨/୪୫୨୭	୦.୨୫୦	୦.୦୫୦	ଭାସ୍କର ସାହୁ, ପିତା- ନାରଣ ଓରେର	
୧୫୩		୩୫୫୬/୪୫୨୫	୦.୨୫୦	୦.୦୫୦	ଭାସ୍କର ସାହୁ, ପିତା- ନାରଣ ଓରେର	
୧୫୪		୩୫୫୬/୪୫୨୫	୧.୦୦୦	୦.୦୫୦	ଭାସ୍କର ସାହୁ, ପିତା- ନାରଣ ଓରେର	
୧୫୫	୪୫୬	୩୫୨୬	୦.୨୨୦	୦.୦୨୦	ମକର ମଲ୍ଲିକ, ପିତା- ଦାସ ମଲ୍ଲିକ	
